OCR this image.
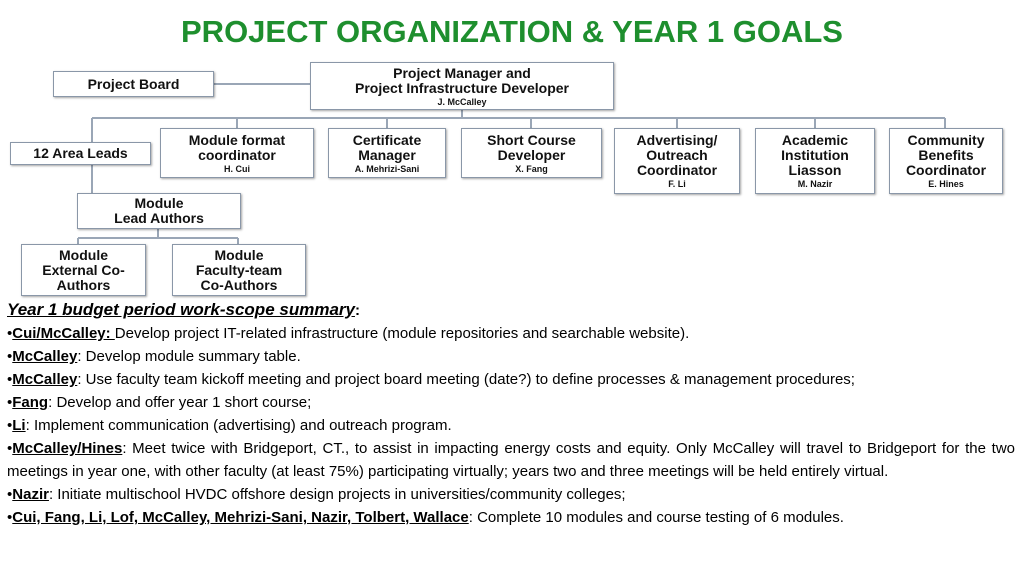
PROJECT ORGANIZATION & YEAR 1 GOALS
Project Board
Project Manager and
Project Infrastructure Developer
J. McCalley
12 Area Leads
Module format
coordinator
H. Cui
Certificate
Manager
A. Mehrizi-Sani
Short Course
Developer
X. Fang
Advertising/
Outreach
Coordinator
F. Li
Academic
Institution
Liasson
M. Nazir
Community
Benefits
Coordinator
E. Hines
Module
Lead Authors
Module
External Co-
Authors
Module
Faculty-team
Co-Authors
Year 1 budget period work-scope summary:
•Cui/McCalley: Develop project IT-related infrastructure (module repositories and searchable website).
•McCalley: Develop module summary table.
•McCalley: Use faculty team kickoff meeting and project board meeting (date?) to define processes & management procedures;
•Fang: Develop and offer year 1 short course;
•Li: Implement communication (advertising) and outreach program.
•McCalley/Hines: Meet twice with Bridgeport, CT., to assist in impacting energy costs and equity. Only McCalley will travel to Bridgeport for the two meetings in year one, with other faculty (at least 75%) participating virtually; years two and three meetings will be held entirely virtual.
•Nazir: Initiate multischool HVDC offshore design projects in universities/community colleges;
•Cui, Fang, Li, Lof, McCalley, Mehrizi-Sani, Nazir, Tolbert, Wallace: Complete 10 modules and course testing of 6 modules.
